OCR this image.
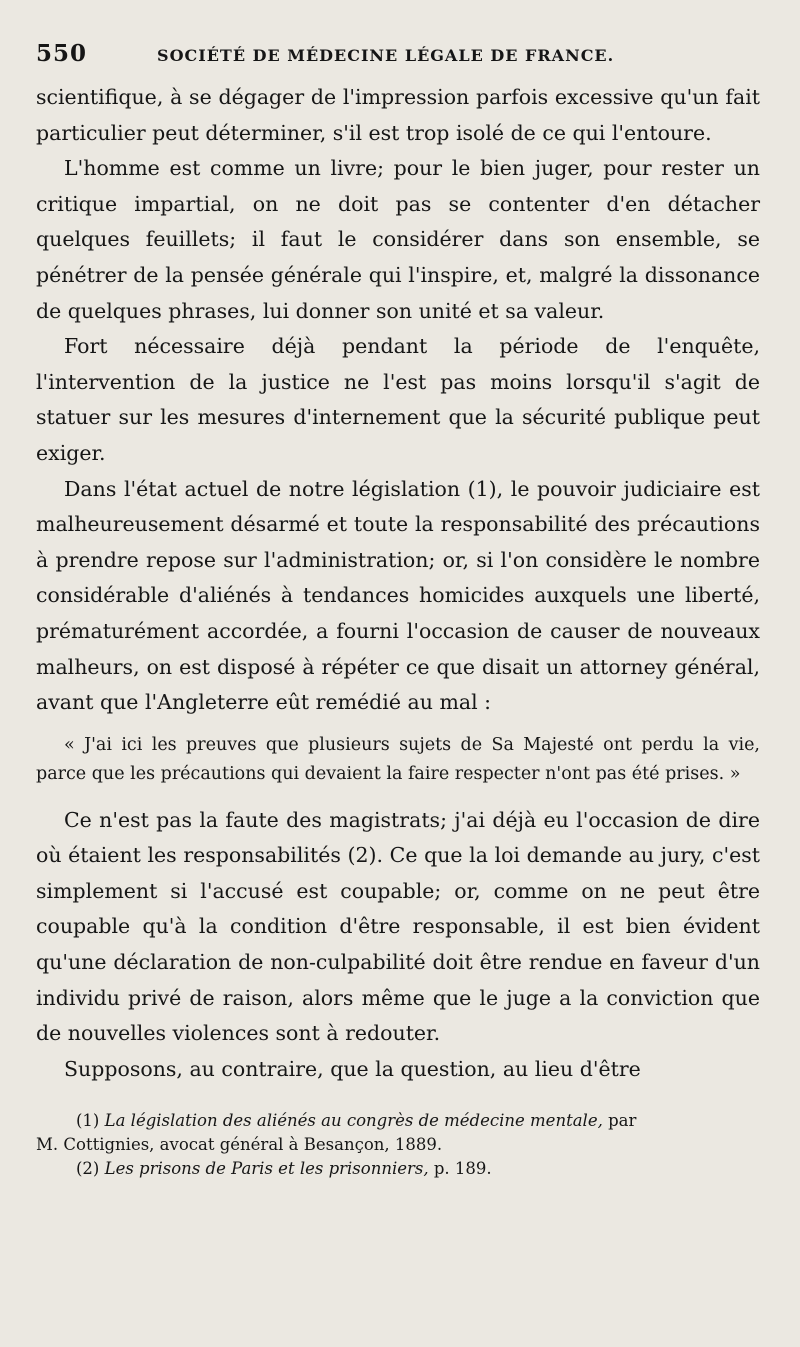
550	SOCIÉTÉ DE MÉDECINE LÉGALE DE FRANCE.

scientifique, à se dégager de l'impression parfois excessive qu'un fait particulier peut déterminer, s'il est trop isolé de ce qui l'entoure.

L'homme est comme un livre; pour le bien juger, pour rester un critique impartial, on ne doit pas se contenter d'en détacher quelques feuillets; il faut le considérer dans son ensemble, se pénétrer de la pensée générale qui l'inspire, et, malgré la dissonance de quelques phrases, lui donner son unité et sa valeur.

Fort nécessaire déjà pendant la période de l'enquête, l'intervention de la justice ne l'est pas moins lorsqu'il s'agit de statuer sur les mesures d'internement que la sécurité publique peut exiger.

Dans l'état actuel de notre législation (1), le pouvoir judiciaire est malheureusement désarmé et toute la responsabilité des précautions à prendre repose sur l'administration; or, si l'on considère le nombre considérable d'aliénés à tendances homicides auxquels une liberté, prématurément accordée, a fourni l'occasion de causer de nouveaux malheurs, on est disposé à répéter ce que disait un attorney général, avant que l'Angleterre eût remédié au mal :

« J'ai ici les preuves que plusieurs sujets de Sa Majesté ont perdu la vie, parce que les précautions qui devaient la faire respecter n'ont pas été prises. »

Ce n'est pas la faute des magistrats; j'ai déjà eu l'occasion de dire où étaient les responsabilités (2). Ce que la loi demande au jury, c'est simplement si l'accusé est coupable; or, comme on ne peut être coupable qu'à la condition d'être responsable, il est bien évident qu'une déclaration de non-culpabilité doit être rendue en faveur d'un individu privé de raison, alors même que le juge a la conviction que de nouvelles violences sont à redouter.

Supposons, au contraire, que la question, au lieu d'être

(1) La législation des aliénés au congrès de médecine mentale, par

M. Cottignies, avocat général à Besançon, 1889.

(2) Les prisons de Paris et les prisonniers, p. 189.
